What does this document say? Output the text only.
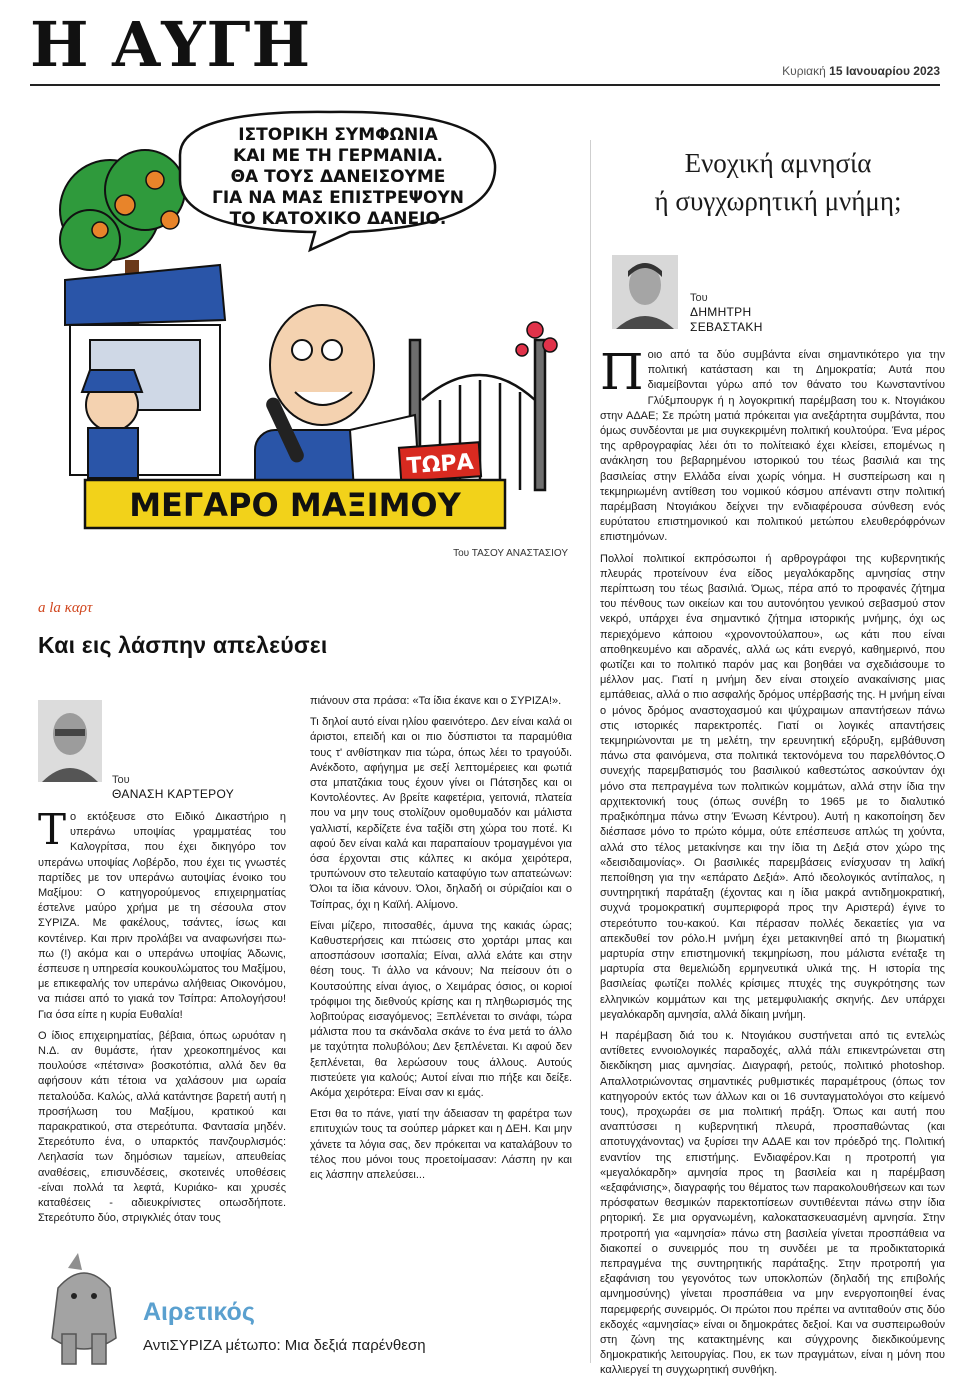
Η ΑΥΓΗ	Κυριακή 15 Ιανουαρίου 2023
ΙΣΤΟΡΙΚΗ ΣΥΜΦΩΝΙΑ
ΚΑΙ ΜΕ ΤΗ ΓΕΡΜΑΝΙΑ.
ΘΑ ΤΟΥΣ ΔΑΝΕΙΣΟΥΜΕ
ΓΙΑ ΝΑ ΜΑΣ ΕΠΙΣΤΡΕΨΟΥΝ
ΤΟ ΚΑΤΟΧΙΚΟ ΔΑΝΕΙΟ.
ΤΩΡΑ
ΜΕΓΑΡΟ ΜΑΞΙΜΟΥ
Του ΤΑΣΟΥ ΑΝΑΣΤΑΣΙΟΥ
a la καρτ
Και εις λάσπην απελεύσει
Του
ΘΑΝΑΣΗ ΚΑΡΤΕΡΟΥ

Το εκτόξευσε στο Ειδικό Δικαστήριο η υπεράνω υποψίας γραμματέας του Καλογρίτσα, που έχει δικηγόρο τον υπεράνω υποψίας Λοβέρδο, που έχει τις γνωστές παρτίδες με τον υπεράνω αυτοψίας ένοικο του Μαξίμου: Ο κατηγορούμενος επιχειρηματίας έστελνε μαύρο χρήμα με τη σέσουλα στον ΣΥΡΙΖΑ. Με φακέλους, τσάντες, ίσως και κοντέινερ. Και πριν προλάβει να αναφωνήσει πω-πω (!) ακόμα και ο υπεράνω υποψίας Άδωνις, έσπευσε η υπηρεσία κουκουλώματος του Μαξίμου, με επικεφαλής τον υπεράνω αλήθειας Οικονόμου, να πιάσει από το γιακά τον Τσίπρα: Απολογήσου! Για όσα είπε η κυρία Ευθαλία!

Ο ίδιος επιχειρηματίας, βέβαια, όπως ωρυόταν η Ν.Δ. αν θυμάστε, ήταν χρεοκοπημένος και πουλούσε «πέτσινα» βοσκοτόπια, αλλά δεν θα αφήσουν κάτι τέτοια να χαλάσουν μια ωραία πεταλούδα. Καλώς, αλλά κατάντησε βαρετή αυτή η προσήλωση του Μαξίμου, κρατικού και παρακρατικού, στα στερεότυπα. Φαντασία μηδέν. Στερεότυπο ένα, ο υπαρκτός πανζουρλισμός: Λεηλασία των δημόσιων ταμείων, απευθείας αναθέσεις, επισυνδέσεις, σκοτεινές υποθέσεις -είναι πολλά τα λεφτά, Κυριάκο- και χρυσές καταθέσεις - αδιευκρίνιστες οπωσδήποτε. Στερεότυπο δύο, στριγκλιές όταν τους

πιάνουν στα πράσα: «Τα ίδια έκανε και ο ΣΥΡΙΖΑ!».

Τι δηλοί αυτό είναι ηλίου φαεινότερο. Δεν είναι καλά οι άριστοι, επειδή και οι πιο δύσπιστοι τα παραμύθια τους τ' ανθίστηκαν πια τώρα, όπως λέει το τραγούδι. Ανέκδοτο, αφήγημα με σεξί λεπτομέρειες και φωτιά στα μπατζάκια τους έχουν γίνει οι Πάτσηδες και οι Κοντολέοντες. Αν βρείτε καφετέρια, γειτονιά, πλατεία που να μην τους στολίζουν ομοθυμαδόν και μάλιστα γαλλιστί, κερδίζετε ένα ταξίδι στη χώρα του ποτέ. Κι αφού δεν είναι καλά και παραπαίουν τρομαγμένοι για όσα έρχονται στις κάλπες κι ακόμα χειρότερα, τρυπώνουν στο τελευταίο καταφύγιο των απατεώνων: Όλοι τα ίδια κάνουν. Όλοι, δηλαδή οι σύριζαίοι και ο Τσίπρας, όχι η Καϊλή. Αλίμονο.

Είναι μίζερο, πιτοσαθές, άμυνα της κακιάς ώρας; Καθυστερήσεις και πτώσεις στο χορτάρι μπας και αποσπάσουν ισοπαλία; Είναι, αλλά ελάτε και στην θέση τους. Τι άλλο να κάνουν; Να πείσουν ότι ο Κουτσούπης είναι άγιος, ο Χειμάρας όσιος, οι κοριοί τρόφιμοι της διεθνούς κρίσης και η πληθωρισμός της λοβιτούρας εισαγόμενος; Ξεπλένεται το σινάφι, τώρα μάλιστα που τα σκάνδαλα σκάνε το ένα μετά το άλλο με ταχύτητα πολυβόλου; Δεν ξεπλένεται. Κι αφού δεν ξεπλένεται, θα λερώσουν τους άλλους. Αυτούς πιστεύετε για καλούς; Αυτοί είναι πιο πήξε και δείξε. Ακόμα χειρότερα: Είναι σαν κι εμάς.

Ετσι θα το πάνε, γιατί την άδειασαν τη φαρέτρα των επιτυχιών τους τα σούπερ μάρκετ και η ΔΕΗ. Και μην χάνετε τα λόγια σας, δεν πρόκειται να καταλάβουν το τέλος που μόνοι τους προετοίμασαν: Λάσπη ην και εις λάσπην απελεύσει...

Ενοχική αμνησία
ή συγχωρητική μνήμη;
Του
ΔΗΜΗΤΡΗ
ΣΕΒΑΣΤΑΚΗ

Ποιο από τα δύο συμβάντα είναι σημαντικότερο για την πολιτική κατάσταση και τη Δημοκρατία; Αυτά που διαμείβονται γύρω από τον θάνατο του Κωνσταντίνου Γλύξμπουργκ ή η λογοκριτική παρέμβαση του κ. Ντογιάκου στην ΑΔΑΕ; Σε πρώτη ματιά πρόκειται για ανεξάρτητα συμβάντα, που όμως συνδέονται με μια συγκεκριμένη πολιτική κουλτούρα. Ένα μέρος της αρθρογραφίας λέει ότι το πολίτειακό έχει κλείσει, επομένως η ανάκληση του βεβαρημένου ιστορικού του τέως βασιλιά και της βασιλείας στην Ελλάδα είναι χωρίς νόημα. Η συσπείρωση και η τεκμηριωμένη αντίθεση του νομικού κόσμου απέναντι στην πολιτική παρέμβαση Ντογιάκου δείχνει την ενδιαφέρουσα σύνθεση ενός ευρύτατου επιστημονικού και πολιτικού μετώπου ελευθερόφρόνων επιστημόνων.

Πολλοί πολιτικοί εκπρόσωποι ή αρθρογράφοι της κυβερνητικής πλευράς προτείνουν ένα είδος μεγαλόκαρδης αμνησίας στην περίπτωση του τέως βασιλιά. Όμως, πέρα από το προφανές ζήτημα του πένθους των οικείων και του αυτονόητου γενικού σεβασμού στον νεκρό, υπάρχει ένα σημαντικό ζήτημα ιστορικής μνήμης, όχι ως περιεχόμενο κάποιου «χρονοντούλαπου», ως κάτι που είναι αποθηκευμένο και αδρανές, αλλά ως κάτι ενεργό, καθημερινό, που φωτίζει και το πολιτικό παρόν μας και βοηθάει να σχεδιάσουμε το μέλλον μας. Γιατί η μνήμη δεν είναι στοιχείο ανακαίνισης μιας εμπάθειας, αλλά ο πιο ασφαλής δρόμος υπέρβασής της. Η μνήμη είναι ο μόνος δρόμος αναστοχασμού και ψύχραιμων απαντήσεων πάνω στις ιστορικές παρεκτροπές. Γιατί οι λογικές απαντήσεις τεκμηριώνονται με τη μελέτη, την ερευνητική εξόρυξη, εμβάθυνση πάνω στα φαινόμενα, στα πολιτικά τεκτονόμενα του παρελθόντος.Ο συνεχής παρεμβατισμός του βασιλικού καθεστώτος ασκούνταν όχι μόνο στα πεπραγμένα των πολιτικών κομμάτων, αλλά στην ίδια την αρχιτεκτονική τους (όπως συνέβη το 1965 με το διαλυτικό πραξικόπημα πάνω στην Ένωση Κέντρου). Αυτή η κακοποίηση δεν διέσπασε μόνο το πρώτο κόμμα, ούτε επέσπευσε απλώς τη χούντα, αλλά στο τέλος μετακίνησε και την ίδια τη Δεξιά στον χώρο της «δεισιδαιμονίας». Οι βασιλικές παρεμβάσεις ενίσχυσαν τη λαϊκή πεποίθηση για την «επάρατο Δεξιά». Από ιδεολογικός αντίπαλος, η συντηρητική παράταξη (έχοντας και η ίδια μακρά αντιδημοκρατική, συχνά τρομοκρατική συμπεριφορά προς την Αριστερά) έγινε το στερεότυπο του-κακού. Και πέρασαν πολλές δεκαετίες για να απεκδυθεί τον ρόλο.Η μνήμη έχει μετακινηθεί από τη βιωματική μαρτυρία στην επιστημονική τεκμηρίωση, που μάλιστα ενέταξε τη μαρτυρία στα θεμελιώδη ερμηνευτικά υλικά της. Η ιστορία της βασιλείας φωτίζει πολλές κρίσιμες πτυχές της συγκρότησης των ελληνικών κομμάτων και της μετεμφυλιακής σκηνής. Δεν υπάρχει μεγαλόκαρδη αμνησία, αλλά δίκαιη μνήμη.

Η παρέμβαση διά του κ. Ντογιάκου συστήνεται από τις εντελώς αντίθετες εννοιολογικές παραδοχές, αλλά πάλι επικεντρώνεται στη διεκδίκηση μιας αμνησίας. Διαγραφή, ρετούς, πολιτικό photoshop. Απαλλοτριώνοντας σημαντικές ρυθμιστικές παραμέτρους (όπως τον κατηγορούν εκτός των άλλων και οι 16 συνταγματολόγοι στο κείμενό τους), προχωράει σε μια πολιτική πράξη. Όπως και αυτή που αναπτύσσει η κυβερνητική πλευρά, προσπαθώντας (και αποτυγχάνοντας) να ξυρίσει την ΑΔΑΕ και τον πρόεδρό της. Πολιτική εναντίον της επιστήμης. Ενδιαφέρον.Και η προτροπή για «μεγαλόκαρδη» αμνησία προς τη βασιλεία και η παρέμβαση «εξαφάνισης», διαγραφής του θέματος των παρακολουθήσεων και των πρόσφατων θεσμικών παρεκτοπίσεων συντιθέενται πάνω στην ίδια ρητορική. Σε μια οργανωμένη, καλοκατασκευασμένη αμνησία. Στην προτροπή για «αμνησία» πάνω στη βασιλεία γίνεται προσπάθεια να διακοπεί ο συνειρμός που τη συνδέει με τα προδικτατορικά πεπραγμένα της συντηρητικής παράταξης. Στην προτροπή για εξαφάνιση του γεγονότος των υποκλοπών (δηλαδή της επιβολής αμνημοσύνης) γίνεται προσπάθεια να μην ενεργοποιηθεί ένας παρεμφερής συνειρμός. Οι πρώτοι που πρέπει να αντιταθούν στις δύο εκδοχές «αμνησίας» είναι οι δημοκράτες δεξιοί. Και να συσπειρωθούν στη ζώνη της κατακτημένης και σύγχρονης διεκδικούμενης δημοκρατικής λειτουργίας. Που, εκ των πραγμάτων, είναι η μόνη που καλλιεργεί τη συγχωρητική συνθήκη.

Αιρετικός
ΑντιΣΥΡΙΖΑ μέτωπο: Μια δεξιά παρένθεση
